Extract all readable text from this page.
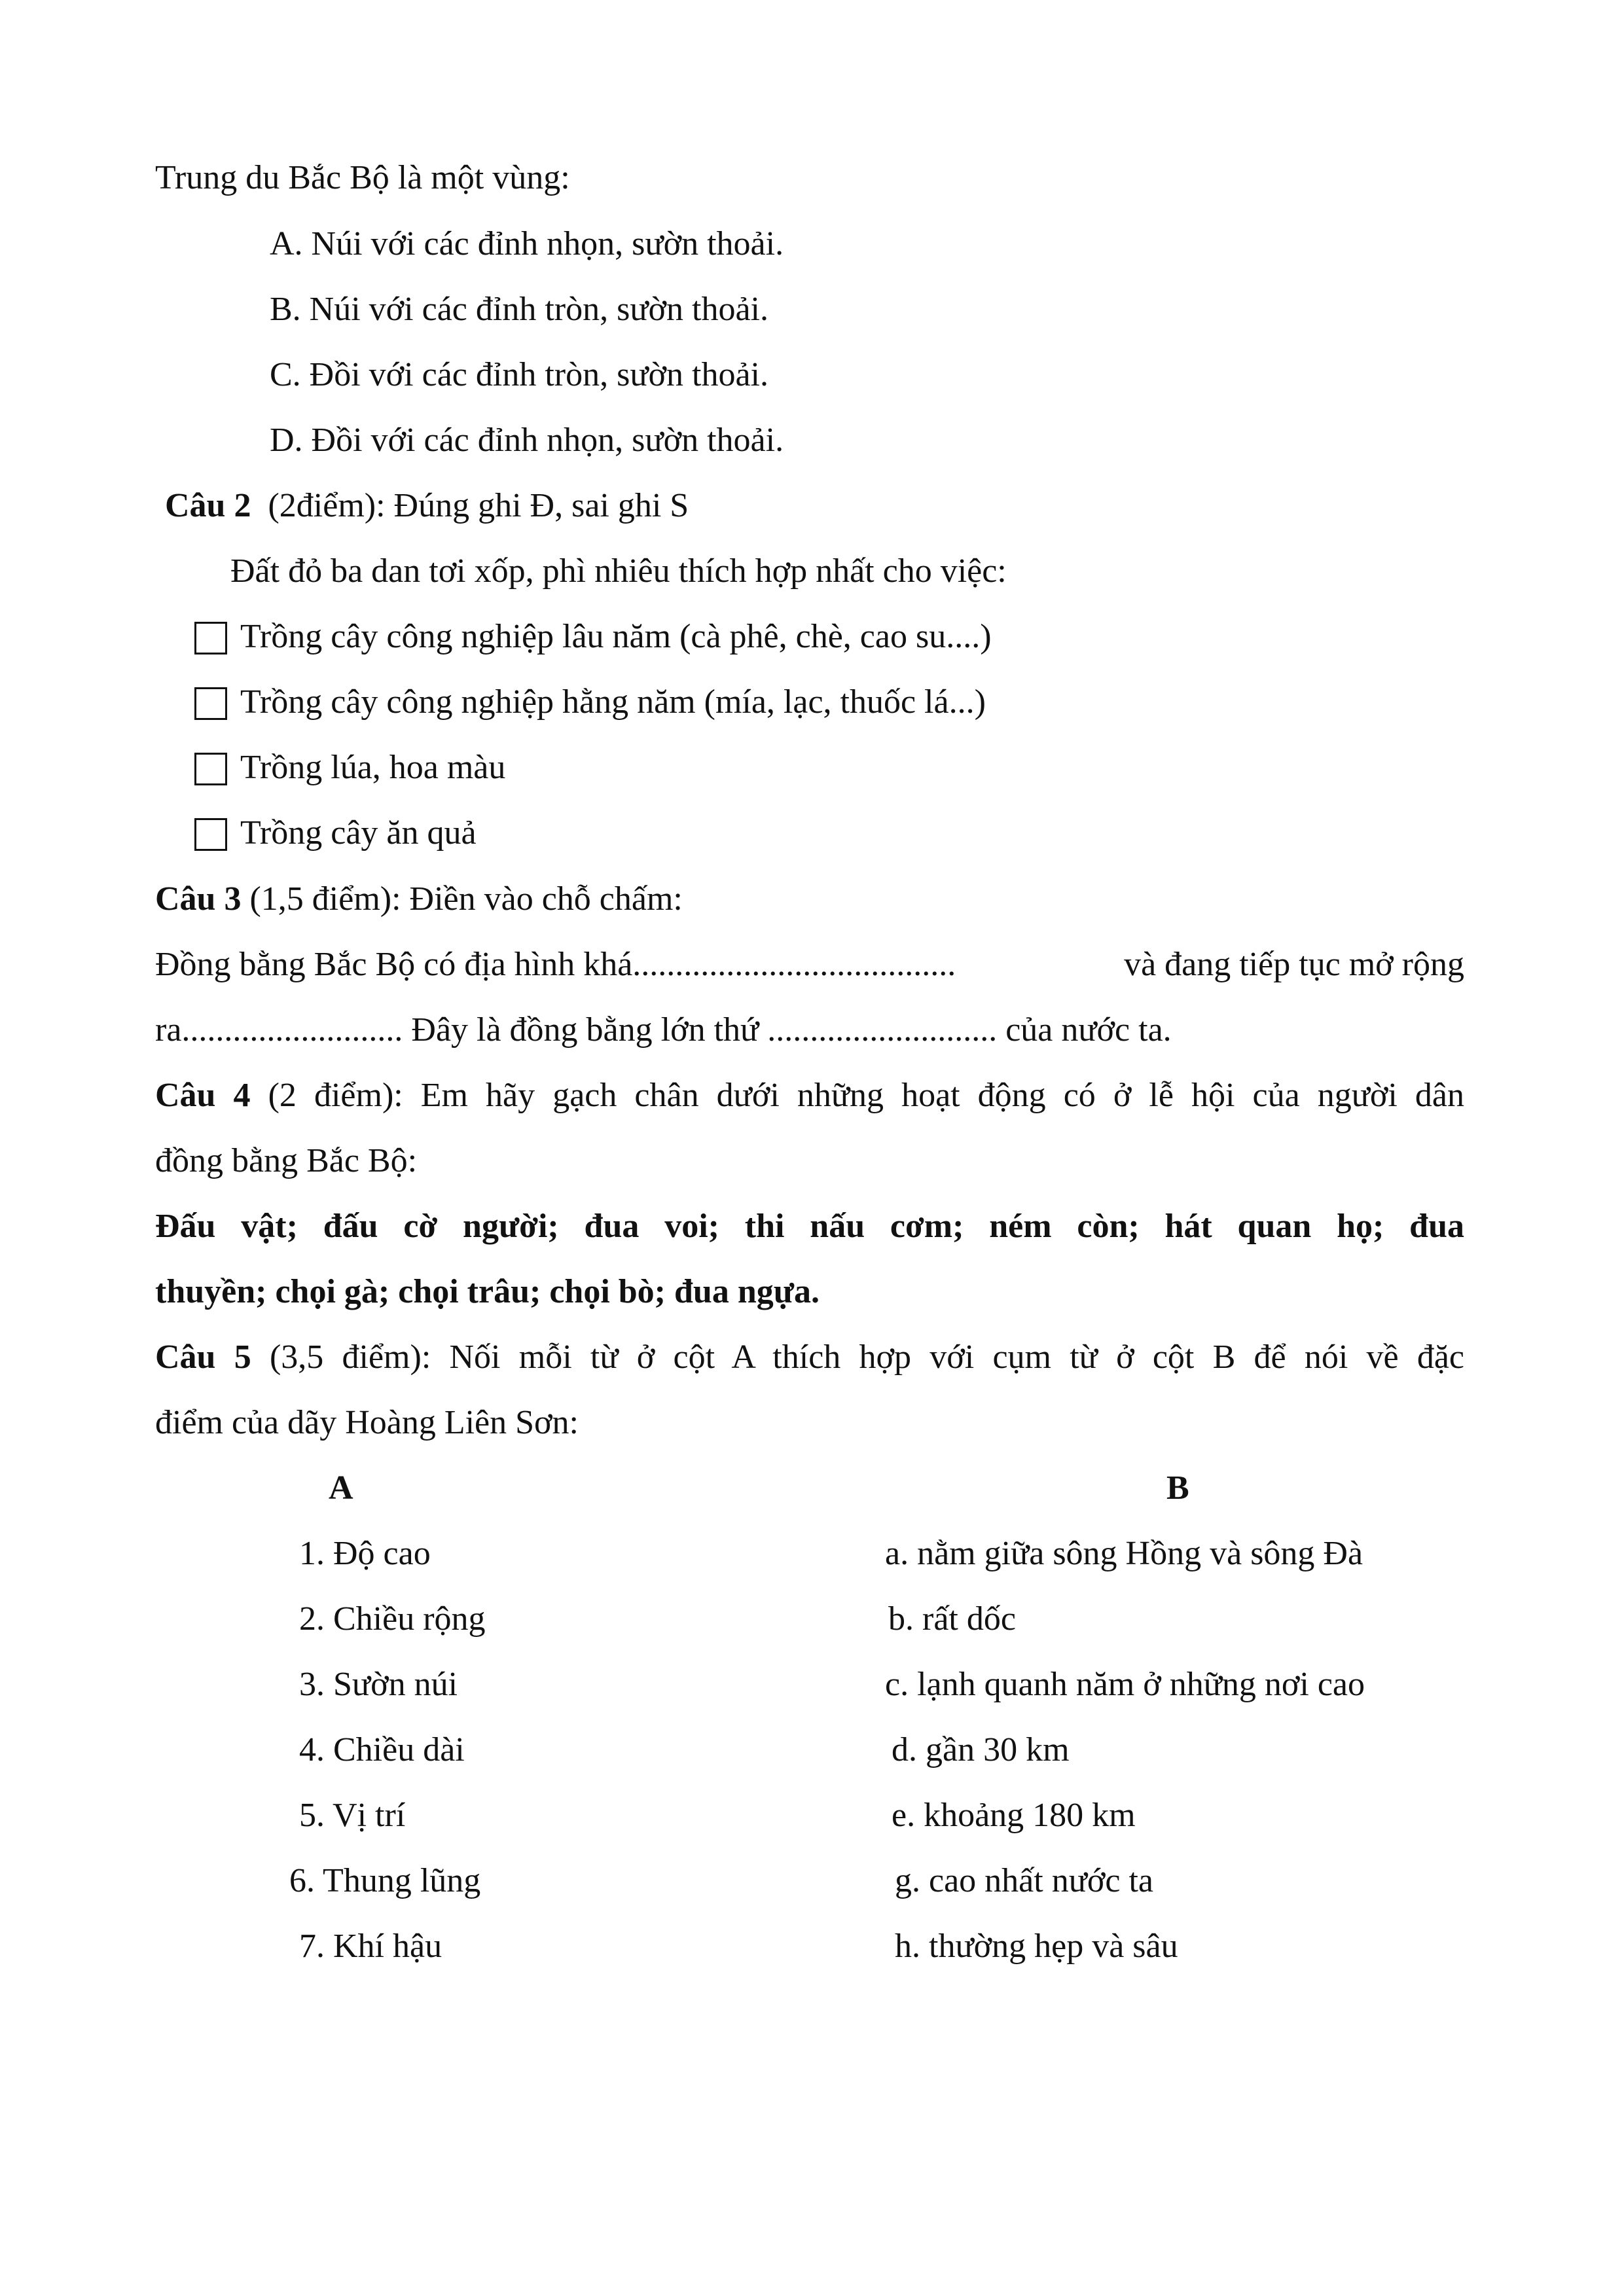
Trung du Bắc Bộ là một vùng:
A. Núi với các đỉnh nhọn, sườn thoải.
B. Núi với các đỉnh tròn, sườn thoải.
C. Đồi với các đỉnh tròn, sườn thoải.
D. Đồi với các đỉnh nhọn, sườn thoải.
Câu 2 (2điểm): Đúng ghi Đ, sai ghi S
Đất đỏ ba dan tơi xốp, phì nhiêu thích hợp nhất cho việc:
Trồng cây công nghiệp lâu năm (cà phê, chè, cao su....)
Trồng cây công nghiệp hằng năm (mía, lạc, thuốc lá...)
Trồng lúa, hoa màu
Trồng cây ăn quả
Câu 3 (1,5 điểm): Điền vào chỗ chấm:
Đồng bằng Bắc Bộ có địa hình khá......................................	và đang tiếp tục mở rộng
ra.......................... Đây là đồng bằng lớn thứ ........................... của nước ta.
Câu 4 (2 điểm): Em hãy gạch chân dưới những hoạt động có ở lễ hội của người dân
đồng bằng Bắc Bộ:
Đấu vật; đấu cờ người; đua voi; thi nấu cơm; ném còn; hát quan họ; đua
thuyền; chọi gà; chọi trâu; chọi bò; đua ngựa.
Câu 5 (3,5 điểm): Nối mỗi từ ở cột A thích hợp với cụm từ ở cột B để nói về đặc
điểm của dãy Hoàng Liên Sơn:
A	B
1. Độ cao
2. Chiều rộng
3. Sườn núi
4. Chiều dài
5. Vị trí
6. Thung lũng
7. Khí hậu
a. nằm giữa sông Hồng và sông Đà
b. rất dốc
c. lạnh quanh năm ở những nơi cao
d. gần 30 km
e. khoảng 180 km
g. cao nhất nước ta
h. thường hẹp và sâu
